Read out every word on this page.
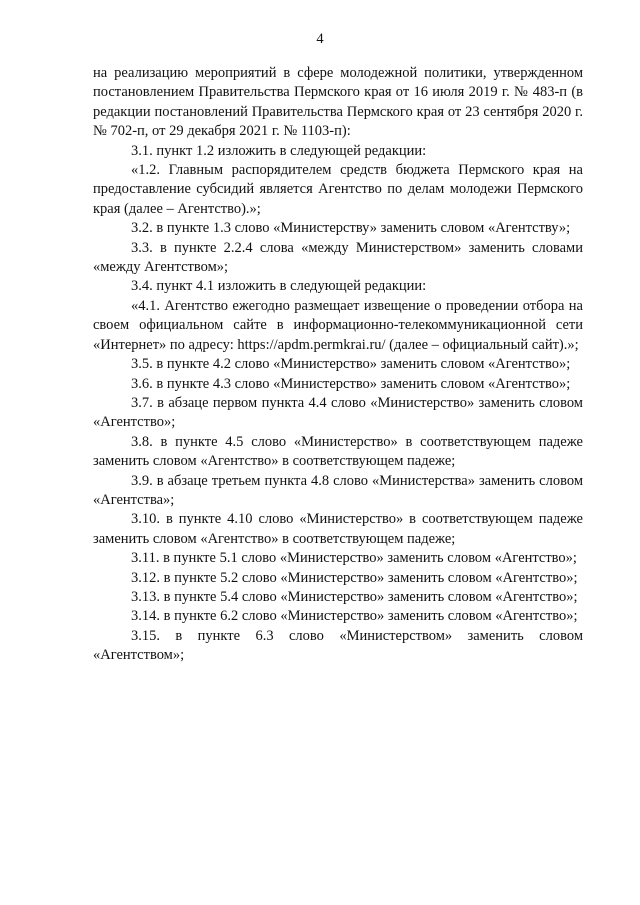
4

на реализацию мероприятий в сфере молодежной политики, утвержденном постановлением Правительства Пермского края от 16 июля 2019 г. № 483-п (в редакции постановлений Правительства Пермского края от 23 сентября 2020 г. № 702-п, от 29 декабря 2021 г. № 1103-п):

3.1. пункт 1.2 изложить в следующей редакции:

«1.2. Главным распорядителем средств бюджета Пермского края на предоставление субсидий является Агентство по делам молодежи Пермского края (далее – Агентство).»;

3.2. в пункте 1.3 слово «Министерству» заменить словом «Агентству»;

3.3. в пункте 2.2.4 слова «между Министерством» заменить словами «между Агентством»;

3.4. пункт 4.1 изложить в следующей редакции:

«4.1. Агентство ежегодно размещает извещение о проведении отбора на своем официальном сайте в информационно-телекоммуникационной сети «Интернет» по адресу: https://apdm.permkrai.ru/ (далее – официальный сайт).»;

3.5. в пункте 4.2 слово «Министерство» заменить словом «Агентство»;

3.6. в пункте 4.3 слово «Министерство» заменить словом «Агентство»;

3.7. в абзаце первом пункта 4.4 слово «Министерство» заменить словом «Агентство»;

3.8. в пункте 4.5 слово «Министерство» в соответствующем падеже заменить словом «Агентство» в соответствующем падеже;

3.9. в абзаце третьем пункта 4.8 слово «Министерства» заменить словом «Агентства»;

3.10. в пункте 4.10 слово «Министерство» в соответствующем падеже заменить словом «Агентство» в соответствующем падеже;

3.11. в пункте 5.1 слово «Министерство» заменить словом «Агентство»;

3.12. в пункте 5.2 слово «Министерство» заменить словом «Агентство»;

3.13. в пункте 5.4 слово «Министерство» заменить словом «Агентство»;

3.14. в пункте 6.2 слово «Министерство» заменить словом «Агентство»;

3.15. в пункте 6.3 слово «Министерством» заменить словом «Агентством»;
